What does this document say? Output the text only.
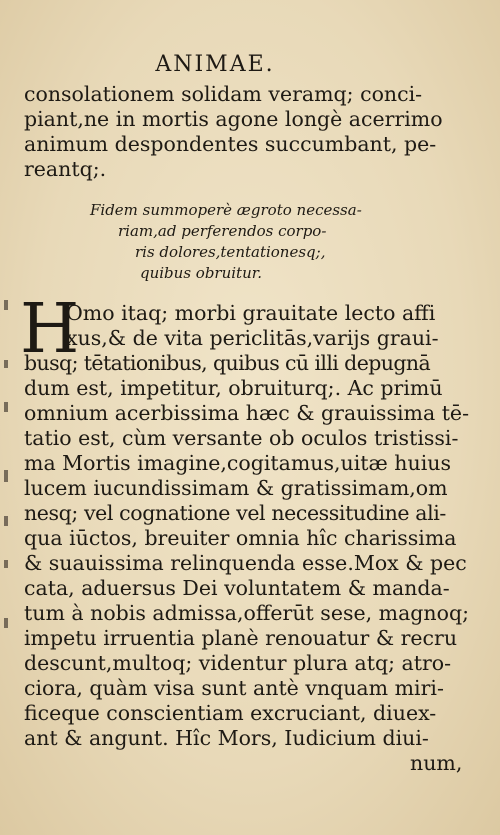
ANIMAE.
consolationem solidam veramq; conci-
piant,ne in mortis agone longè acerrimo
animum despondentes succumbant, pe-
reantq;.
Fidem summoperè ægroto necessa-
riam,ad perferendos corpo-
ris dolores,tentationesq;,
quibus obruitur.
H
Omo itaq; morbi grauitate lecto affi
xus,& de vita periclitās,varijs graui-
busq; tētationibus, quibus cū illi depugnā
dum est, impetitur, obruiturq;. Ac primū
omnium acerbissima hæc & grauissima tē-
tatio est, cùm versante ob oculos tristissi-
ma Mortis imagine,cogitamus,uitæ huius
lucem iucundissimam & gratissimam,om
nesq; vel cognatione vel necessitudine ali-
qua iūctos, breuiter omnia hîc charissima
& suauissima relinquenda esse.Mox & pec
cata, aduersus Dei voluntatem & manda-
tum à nobis admissa,offerūt sese, magnoq;
impetu irruentia planè renouatur & recru
descunt,multoq; videntur plura atq; atro-
ciora, quàm visa sunt antè vnquam miri-
ficeque conscientiam excruciant, diuex-
ant & angunt. Hîc Mors, Iudicium diui-
num,
